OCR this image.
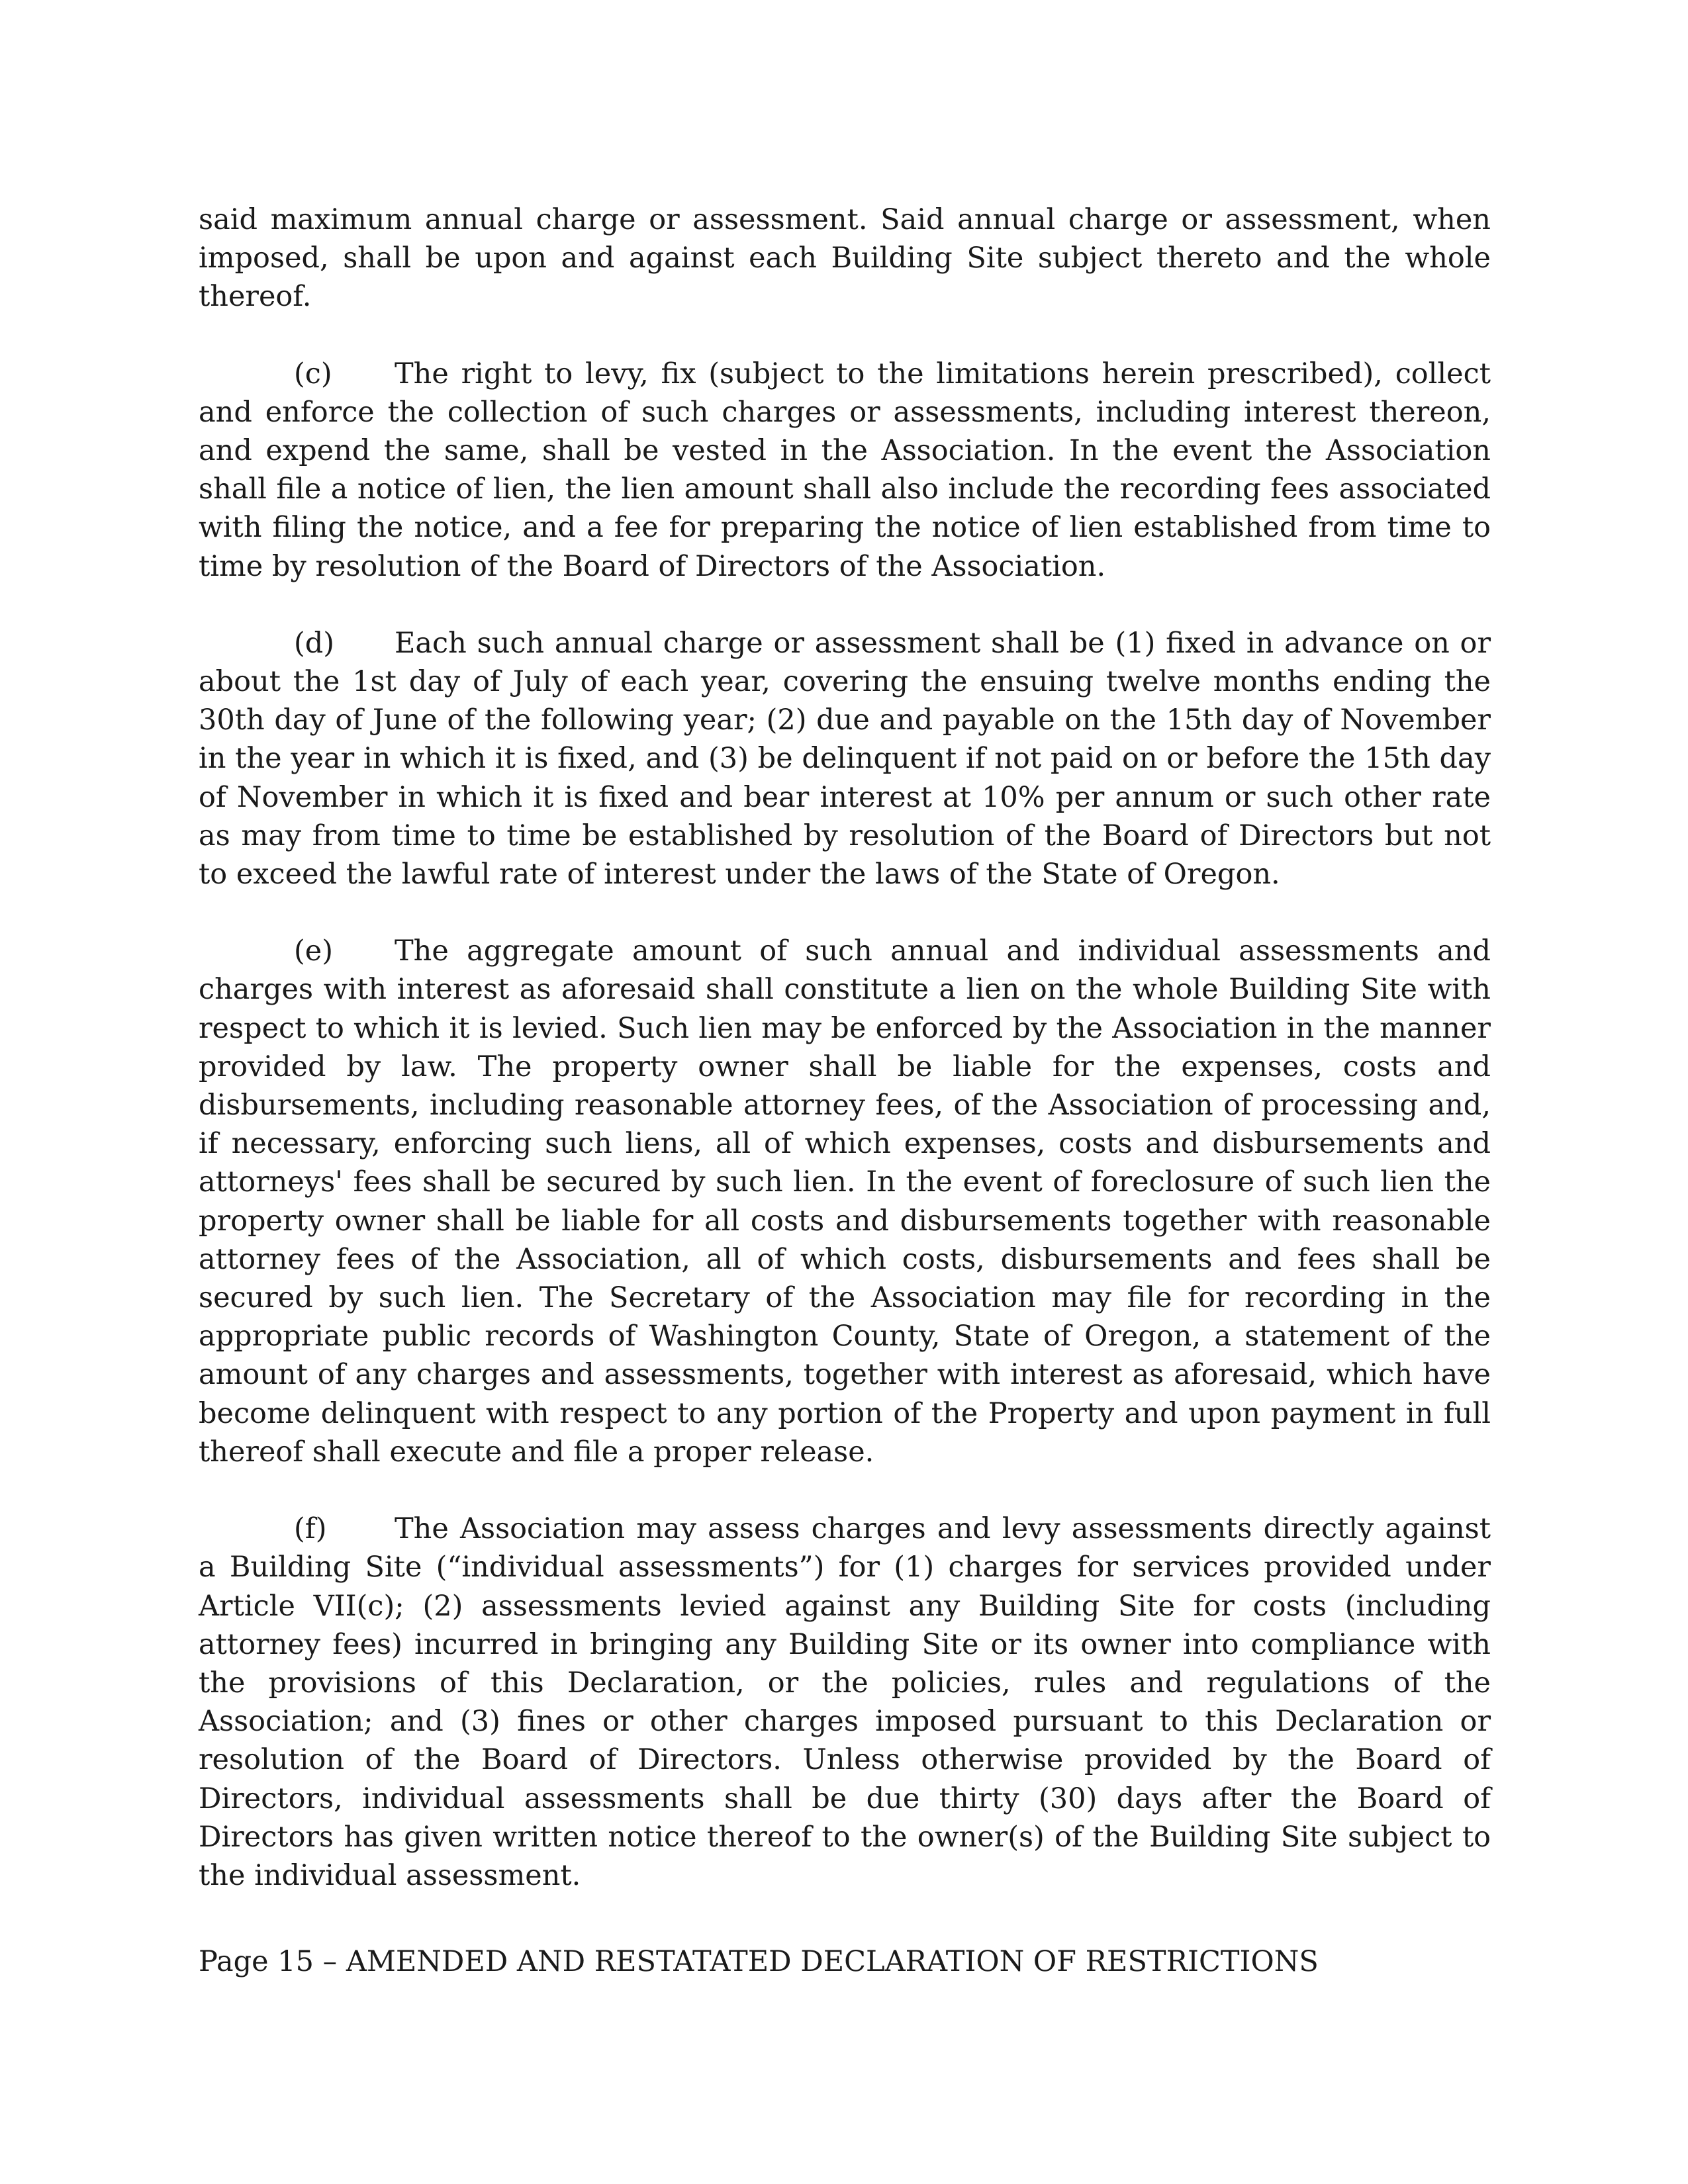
said maximum annual charge or assessment. Said annual charge or assessment, when imposed, shall be upon and against each Building Site subject thereto and the whole thereof.

(c) The right to levy, fix (subject to the limitations herein prescribed), collect and enforce the collection of such charges or assessments, including interest thereon, and expend the same, shall be vested in the Association. In the event the Association shall file a notice of lien, the lien amount shall also include the recording fees associated with filing the notice, and a fee for preparing the notice of lien established from time to time by resolution of the Board of Directors of the Association.

(d) Each such annual charge or assessment shall be (1) fixed in advance on or about the 1st day of July of each year, covering the ensuing twelve months ending the 30th day of June of the following year; (2) due and payable on the 15th day of November in the year in which it is fixed, and (3) be delinquent if not paid on or before the 15th day of November in which it is fixed and bear interest at 10% per annum or such other rate as may from time to time be established by resolution of the Board of Directors but not to exceed the lawful rate of interest under the laws of the State of Oregon.

(e) The aggregate amount of such annual and individual assessments and charges with interest as aforesaid shall constitute a lien on the whole Building Site with respect to which it is levied. Such lien may be enforced by the Association in the manner provided by law. The property owner shall be liable for the expenses, costs and disbursements, including reasonable attorney fees, of the Association of processing and, if necessary, enforcing such liens, all of which expenses, costs and disbursements and attorneys' fees shall be secured by such lien. In the event of foreclosure of such lien the property owner shall be liable for all costs and disbursements together with reasonable attorney fees of the Association, all of which costs, disbursements and fees shall be secured by such lien. The Secretary of the Association may file for recording in the appropriate public records of Washington County, State of Oregon, a statement of the amount of any charges and assessments, together with interest as aforesaid, which have become delinquent with respect to any portion of the Property and upon payment in full thereof shall execute and file a proper release.

(f) The Association may assess charges and levy assessments directly against a Building Site (“individual assessments”) for (1) charges for services provided under Article VII(c); (2) assessments levied against any Building Site for costs (including attorney fees) incurred in bringing any Building Site or its owner into compliance with the provisions of this Declaration, or the policies, rules and regulations of the Association; and (3) fines or other charges imposed pursuant to this Declaration or resolution of the Board of Directors. Unless otherwise provided by the Board of Directors, individual assessments shall be due thirty (30) days after the Board of Directors has given written notice thereof to the owner(s) of the Building Site subject to the individual assessment.

Page 15 – AMENDED AND RESTATATED DECLARATION OF RESTRICTIONS
